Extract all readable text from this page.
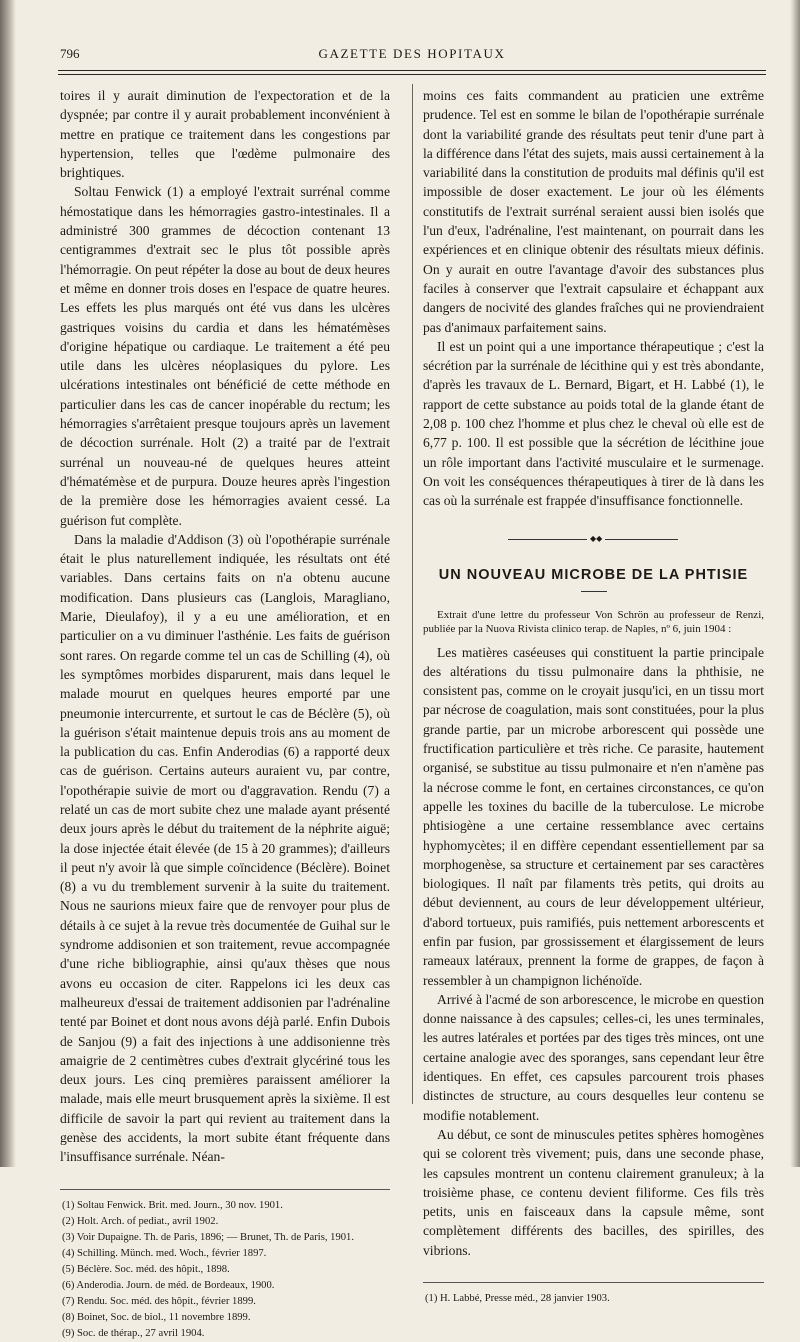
796	GAZETTE DES HOPITAUX

toires il y aurait diminution de l'expectoration et de la dyspnée; par contre il y aurait probablement inconvénient à mettre en pratique ce traitement dans les congestions par hypertension, telles que l'œdème pulmonaire des brightiques.

Soltau Fenwick (1) a employé l'extrait surrénal comme hémostatique dans les hémorragies gastro-intestinales. Il a administré 300 grammes de décoction contenant 13 centigrammes d'extrait sec le plus tôt possible après l'hémorragie. On peut répéter la dose au bout de deux heures et même en donner trois doses en l'espace de quatre heures. Les effets les plus marqués ont été vus dans les ulcères gastriques voisins du cardia et dans les hématémèses d'origine hépatique ou cardiaque. Le traitement a été peu utile dans les ulcères néoplasiques du pylore. Les ulcérations intestinales ont bénéficié de cette méthode en particulier dans les cas de cancer inopérable du rectum; les hémorragies s'arrêtaient presque toujours après un lavement de décoction surrénale. Holt (2) a traité par de l'extrait surrénal un nouveau-né de quelques heures atteint d'hématémèse et de purpura. Douze heures après l'ingestion de la première dose les hémorragies avaient cessé. La guérison fut complète.

Dans la maladie d'Addison (3) où l'opothérapie surrénale était le plus naturellement indiquée, les résultats ont été variables. Dans certains faits on n'a obtenu aucune modification. Dans plusieurs cas (Langlois, Maragliano, Marie, Dieulafoy), il y a eu une amélioration, et en particulier on a vu diminuer l'asthénie. Les faits de guérison sont rares. On regarde comme tel un cas de Schilling (4), où les symptômes morbides disparurent, mais dans lequel le malade mourut en quelques heures emporté par une pneumonie intercurrente, et surtout le cas de Béclère (5), où la guérison s'était maintenue depuis trois ans au moment de la publication du cas. Enfin Anderodias (6) a rapporté deux cas de guérison. Certains auteurs auraient vu, par contre, l'opothérapie suivie de mort ou d'aggravation. Rendu (7) a relaté un cas de mort subite chez une malade ayant présenté deux jours après le début du traitement de la néphrite aiguë; la dose injectée était élevée (de 15 à 20 grammes); d'ailleurs il peut n'y avoir là que simple coïncidence (Béclère). Boinet (8) a vu du tremblement survenir à la suite du traitement. Nous ne saurions mieux faire que de renvoyer pour plus de détails à ce sujet à la revue très documentée de Guihal sur le syndrome addisonien et son traitement, revue accompagnée d'une riche bibliographie, ainsi qu'aux thèses que nous avons eu occasion de citer. Rappelons ici les deux cas malheureux d'essai de traitement addisonien par l'adrénaline tenté par Boinet et dont nous avons déjà parlé. Enfin Dubois de Sanjou (9) a fait des injections à une addisonienne très amaigrie de 2 centimètres cubes d'extrait glycériné tous les deux jours. Les cinq premières paraissent améliorer la malade, mais elle meurt brusquement après la sixième. Il est difficile de savoir la part qui revient au traitement dans la genèse des accidents, la mort subite étant fréquente dans l'insuffisance surrénale. Néan-

(1) Soltau Fenwick. Brit. med. Journ., 30 nov. 1901.
(2) Holt. Arch. of pediat., avril 1902.
(3) Voir Dupaigne. Th. de Paris, 1896; — Brunet, Th. de Paris, 1901.
(4) Schilling. Münch. med. Woch., février 1897.
(5) Béclère. Soc. méd. des hôpit., 1898.
(6) Anderodia. Journ. de méd. de Bordeaux, 1900.
(7) Rendu. Soc. méd. des hôpit., février 1899.
(8) Boinet, Soc. de biol., 11 novembre 1899.
(9) Soc. de thérap., 27 avril 1904.

moins ces faits commandent au praticien une extrême prudence. Tel est en somme le bilan de l'opothérapie surrénale dont la variabilité grande des résultats peut tenir d'une part à la différence dans l'état des sujets, mais aussi certainement à la variabilité dans la constitution de produits mal définis qu'il est impossible de doser exactement. Le jour où les éléments constitutifs de l'extrait surrénal seraient aussi bien isolés que l'un d'eux, l'adrénaline, l'est maintenant, on pourrait dans les expériences et en clinique obtenir des résultats mieux définis. On y aurait en outre l'avantage d'avoir des substances plus faciles à conserver que l'extrait capsulaire et échappant aux dangers de nocivité des glandes fraîches qui ne proviendraient pas d'animaux parfaitement sains.

Il est un point qui a une importance thérapeutique ; c'est la sécrétion par la surrénale de lécithine qui y est très abondante, d'après les travaux de L. Bernard, Bigart, et H. Labbé (1), le rapport de cette substance au poids total de la glande étant de 2,08 p. 100 chez l'homme et plus chez le cheval où elle est de 6,77 p. 100. Il est possible que la sécrétion de lécithine joue un rôle important dans l'activité musculaire et le surmenage. On voit les conséquences thérapeutiques à tirer de là dans les cas où la surrénale est frappée d'insuffisance fonctionnelle.

◆◆
UN NOUVEAU MICROBE DE LA PHTISIE
Extrait d'une lettre du professeur Von Schrön au professeur de Renzi, publiée par la Nuova Rivista clinico terap. de Naples, nº 6, juin 1904 :

Les matières caséeuses qui constituent la partie principale des altérations du tissu pulmonaire dans la phthisie, ne consistent pas, comme on le croyait jusqu'ici, en un tissu mort par nécrose de coagulation, mais sont constituées, pour la plus grande partie, par un microbe arborescent qui possède une fructification particulière et très riche. Ce parasite, hautement organisé, se substitue au tissu pulmonaire et n'en n'amène pas la nécrose comme le font, en certaines circonstances, ce qu'on appelle les toxines du bacille de la tuberculose. Le microbe phtisiogène a une certaine ressemblance avec certains hyphomycètes; il en diffère cependant essentiellement par sa morphogenèse, sa structure et certainement par ses caractères biologiques. Il naît par filaments très petits, qui droits au début deviennent, au cours de leur développement ultérieur, d'abord tortueux, puis ramifiés, puis nettement arborescents et enfin par fusion, par grossissement et élargissement de leurs rameaux latéraux, prennent la forme de grappes, de façon à ressembler à un champignon lichénoïde.

Arrivé à l'acmé de son arborescence, le microbe en question donne naissance à des capsules; celles-ci, les unes terminales, les autres latérales et portées par des tiges très minces, ont une certaine analogie avec des sporanges, sans cependant leur être identiques. En effet, ces capsules parcourent trois phases distinctes de structure, au cours desquelles leur contenu se modifie notablement.

Au début, ce sont de minuscules petites sphères homogènes qui se colorent très vivement; puis, dans une seconde phase, les capsules montrent un contenu clairement granuleux; à la troisième phase, ce contenu devient filiforme. Ces fils très petits, unis en faisceaux dans la capsule même, sont complètement différents des bacilles, des spirilles, des vibrions.

(1) H. Labbé, Presse méd., 28 janvier 1903.
